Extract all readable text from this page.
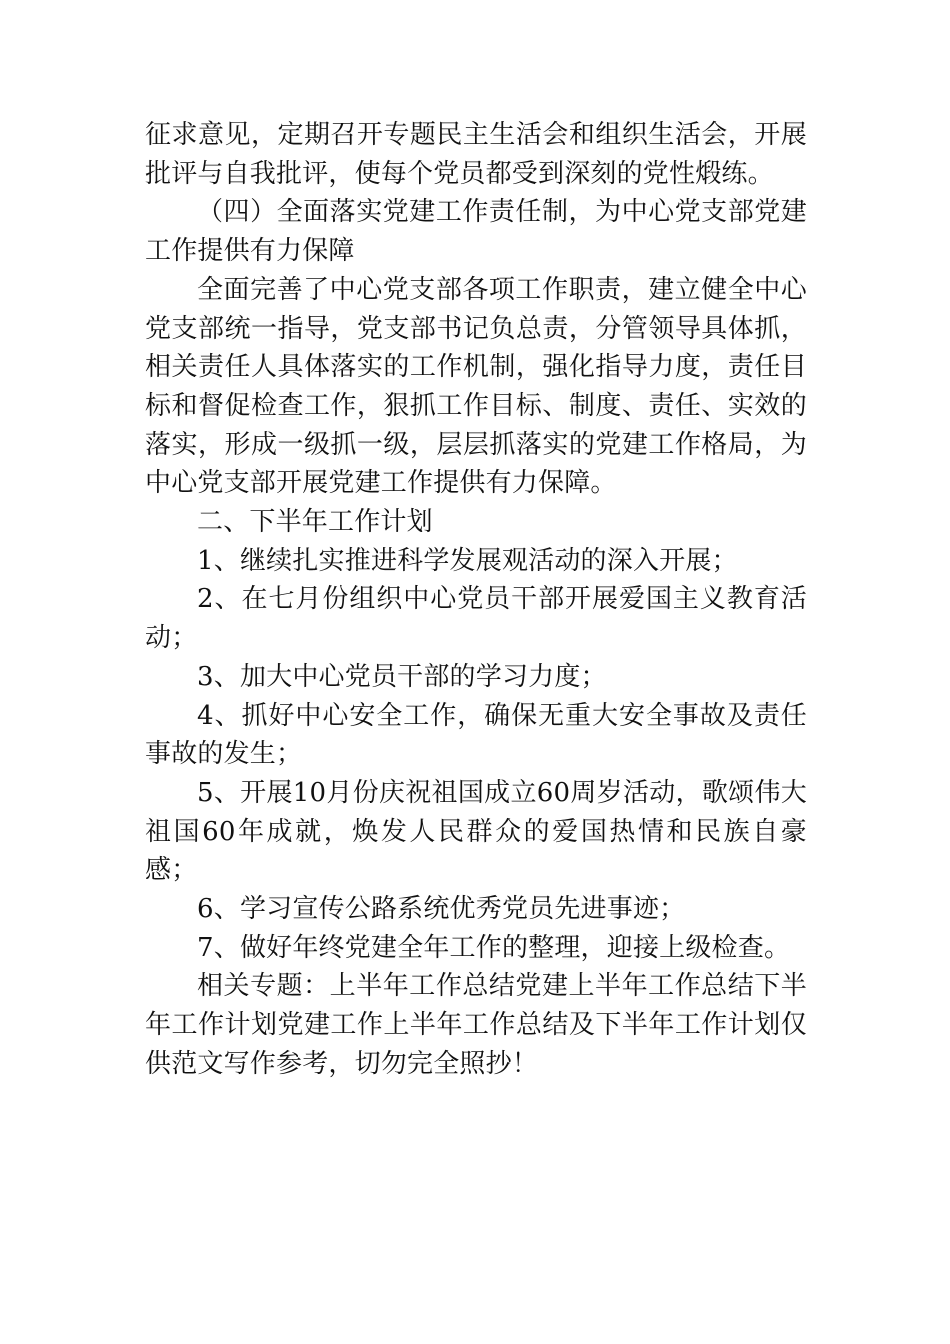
征求意见，定期召开专题民主生活会和组织生活会，开展批评与自我批评，使每个党员都受到深刻的党性煅练。

（四）全面落实党建工作责任制，为中心党支部党建工作提供有力保障

全面完善了中心党支部各项工作职责，建立健全中心党支部统一指导，党支部书记负总责，分管领导具体抓，相关责任人具体落实的工作机制，强化指导力度，责任目标和督促检查工作，狠抓工作目标、制度、责任、实效的落实，形成一级抓一级，层层抓落实的党建工作格局，为中心党支部开展党建工作提供有力保障。

二、下半年工作计划

1、继续扎实推进科学发展观活动的深入开展；

2、在七月份组织中心党员干部开展爱国主义教育活动；

3、加大中心党员干部的学习力度；

4、抓好中心安全工作，确保无重大安全事故及责任事故的发生；

5、开展10月份庆祝祖国成立60周岁活动，歌颂伟大祖国60年成就，焕发人民群众的爱国热情和民族自豪感；

6、学习宣传公路系统优秀党员先进事迹；

7、做好年终党建全年工作的整理，迎接上级检查。

相关专题：上半年工作总结党建上半年工作总结下半年工作计划党建工作上半年工作总结及下半年工作计划仅供范文写作参考，切勿完全照抄！
